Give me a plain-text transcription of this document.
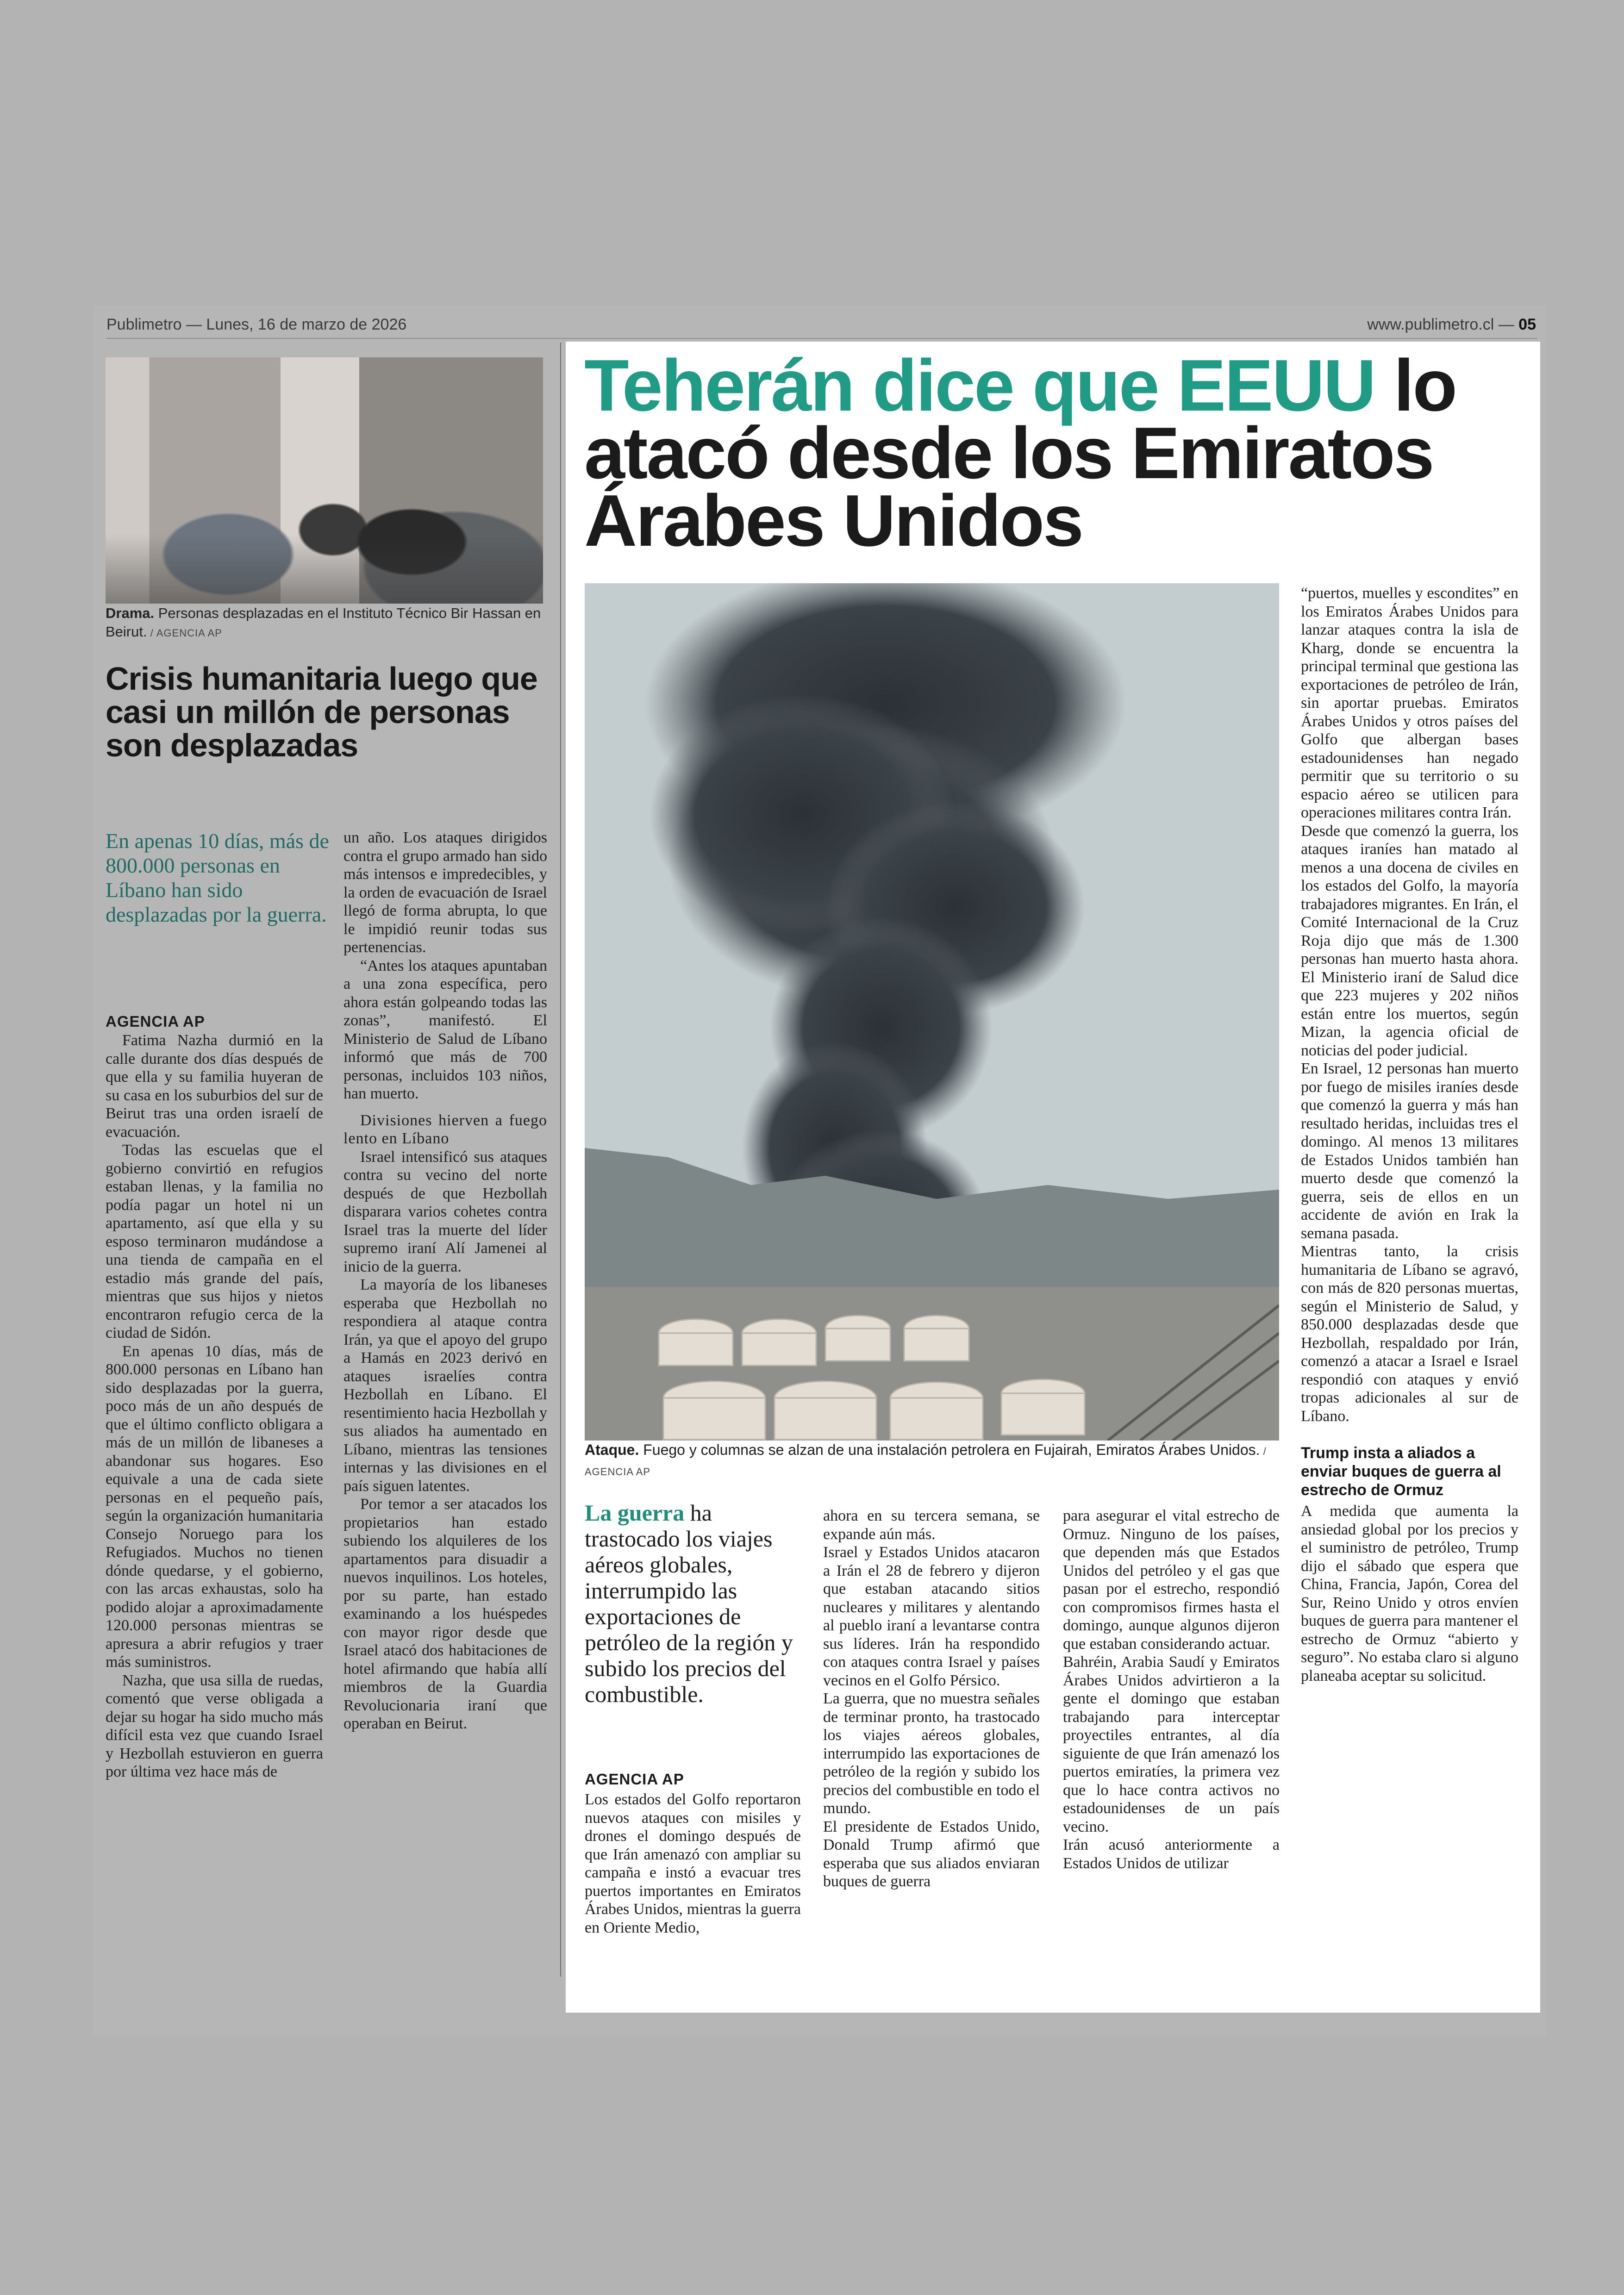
Publimetro — Lunes, 16 de marzo de 2026	www.publimetro.cl — 05
Drama. Personas desplazadas en el Instituto Técnico Bir Hassan en Beirut. / AGENCIA AP
Crisis humanitaria luego que casi un millón de personas son desplazadas
En apenas 10 días, más de 800.000 personas en Líbano han sido desplazadas por la guerra.
AGENCIA AP

Fatima Nazha durmió en la calle durante dos días después de que ella y su familia huyeran de su casa en los suburbios del sur de Beirut tras una orden israelí de evacuación.

Todas las escuelas que el gobierno convirtió en refugios estaban llenas, y la familia no podía pagar un hotel ni un apartamento, así que ella y su esposo terminaron mudándose a una tienda de campaña en el estadio más grande del país, mientras que sus hijos y nietos encontraron refugio cerca de la ciudad de Sidón.

En apenas 10 días, más de 800.000 personas en Líbano han sido desplazadas por la guerra, poco más de un año después de que el último conflicto obligara a más de un millón de libaneses a abandonar sus hogares. Eso equivale a una de cada siete personas en el pequeño país, según la organización humanitaria Consejo Noruego para los Refugiados. Muchos no tienen dónde quedarse, y el gobierno, con las arcas exhaustas, solo ha podido alojar a aproximadamente 120.000 personas mientras se apresura a abrir refugios y traer más suministros.

Nazha, que usa silla de ruedas, comentó que verse obligada a dejar su hogar ha sido mucho más difícil esta vez que cuando Israel y Hezbollah estuvieron en guerra por última vez hace más de

un año. Los ataques dirigidos contra el grupo armado han sido más intensos e impredecibles, y la orden de evacuación de Israel llegó de forma abrupta, lo que le impidió reunir todas sus pertenencias.

“Antes los ataques apuntaban a una zona específica, pero ahora están golpeando todas las zonas”, manifestó. El Ministerio de Salud de Líbano informó que más de 700 personas, incluidos 103 niños, han muerto.

Divisiones hierven a fuego lento en Líbano

Israel intensificó sus ataques contra su vecino del norte después de que Hezbollah disparara varios cohetes contra Israel tras la muerte del líder supremo iraní Alí Jamenei al inicio de la guerra.

La mayoría de los libaneses esperaba que Hezbollah no respondiera al ataque contra Irán, ya que el apoyo del grupo a Hamás en 2023 derivó en ataques israelíes contra Hezbollah en Líbano. El resentimiento hacia Hezbollah y sus aliados ha aumentado en Líbano, mientras las tensiones internas y las divisiones en el país siguen latentes.

Por temor a ser atacados los propietarios han estado subiendo los alquileres de los apartamentos para disuadir a nuevos inquilinos. Los hoteles, por su parte, han estado examinando a los huéspedes con mayor rigor desde que Israel atacó dos habitaciones de hotel afirmando que había allí miembros de la Guardia Revolucionaria iraní que operaban en Beirut.

Teherán dice que EEUU lo atacó desde los Emiratos Árabes Unidos
Ataque. Fuego y columnas se alzan de una instalación petrolera en Fujairah, Emiratos Árabes Unidos. / AGENCIA AP
La guerra ha trastocado los viajes aéreos globales, interrumpido las exportaciones de petróleo de la región y subido los precios del combustible.
AGENCIA AP

Los estados del Golfo reportaron nuevos ataques con misiles y drones el domingo después de que Irán amenazó con ampliar su campaña e instó a evacuar tres puertos importantes en Emiratos Árabes Unidos, mientras la guerra en Oriente Medio,

ahora en su tercera semana, se expande aún más.

Israel y Estados Unidos atacaron a Irán el 28 de febrero y dijeron que estaban atacando sitios nucleares y militares y alentando al pueblo iraní a levantarse contra sus líderes. Irán ha respondido con ataques contra Israel y países vecinos en el Golfo Pérsico.

La guerra, que no muestra señales de terminar pronto, ha trastocado los viajes aéreos globales, interrumpido las exportaciones de petróleo de la región y subido los precios del combustible en todo el mundo.

El presidente de Estados Unido, Donald Trump afirmó que esperaba que sus aliados enviaran buques de guerra

para asegurar el vital estrecho de Ormuz. Ninguno de los países, que dependen más que Estados Unidos del petróleo y el gas que pasan por el estrecho, respondió con compromisos firmes hasta el domingo, aunque algunos dijeron que estaban considerando actuar.

Bahréin, Arabia Saudí y Emiratos Árabes Unidos advirtieron a la gente el domingo que estaban trabajando para interceptar proyectiles entrantes, al día siguiente de que Irán amenazó los puertos emiratíes, la primera vez que lo hace contra activos no estadounidenses de un país vecino.

Irán acusó anteriormente a Estados Unidos de utilizar

“puertos, muelles y escondites” en los Emiratos Árabes Unidos para lanzar ataques contra la isla de Kharg, donde se encuentra la principal terminal que gestiona las exportaciones de petróleo de Irán, sin aportar pruebas. Emiratos Árabes Unidos y otros países del Golfo que albergan bases estadounidenses han negado permitir que su territorio o su espacio aéreo se utilicen para operaciones militares contra Irán.

Desde que comenzó la guerra, los ataques iraníes han matado al menos a una docena de civiles en los estados del Golfo, la mayoría trabajadores migrantes. En Irán, el Comité Internacional de la Cruz Roja dijo que más de 1.300 personas han muerto hasta ahora. El Ministerio iraní de Salud dice que 223 mujeres y 202 niños están entre los muertos, según Mizan, la agencia oficial de noticias del poder judicial.

En Israel, 12 personas han muerto por fuego de misiles iraníes desde que comenzó la guerra y más han resultado heridas, incluidas tres el domingo. Al menos 13 militares de Estados Unidos también han muerto desde que comenzó la guerra, seis de ellos en un accidente de avión en Irak la semana pasada.

Mientras tanto, la crisis humanitaria de Líbano se agravó, con más de 820 personas muertas, según el Ministerio de Salud, y 850.000 desplazadas desde que Hezbollah, respaldado por Irán, comenzó a atacar a Israel e Israel respondió con ataques y envió tropas adicionales al sur de Líbano.

Trump insta a aliados a enviar buques de guerra al estrecho de Ormuz

A medida que aumenta la ansiedad global por los precios y el suministro de petróleo, Trump dijo el sábado que espera que China, Francia, Japón, Corea del Sur, Reino Unido y otros envíen buques de guerra para mantener el estrecho de Ormuz “abierto y seguro”. No estaba claro si alguno planeaba aceptar su solicitud.
